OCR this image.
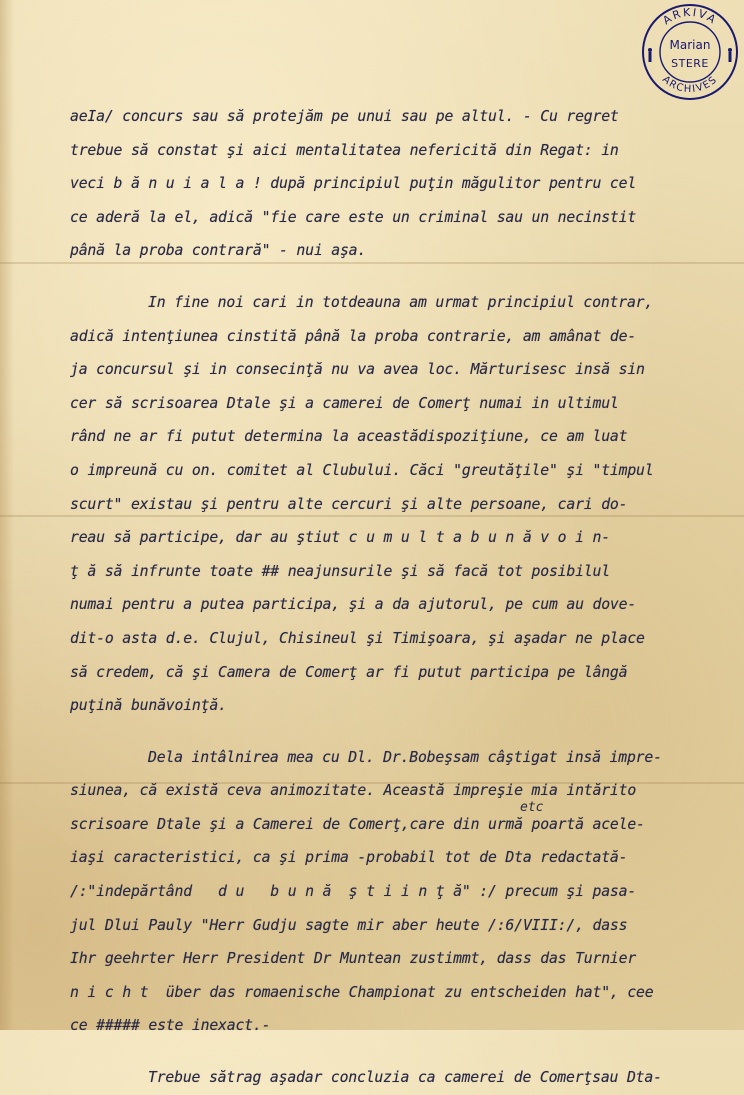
ARKIVA
ARCHIVES
Marian
STERE
aeIa/ concurs sau să protejăm pe unui sau pe altul. - Cu regret
trebue să constat şi aici mentalitatea nefericită din Regat: in
veci b ă n u i a l a ! după principiul puţin măgulitor pentru cel
ce aderă la el, adică "fie care este un criminal sau un necinstit
până la proba contrară" - nui aşa.
In fine noi cari in totdeauna am urmat principiul contrar,
adică intenţiunea cinstită până la proba contrarie, am amânat de-
ja concursul şi in consecinţă nu va avea loc. Mărturisesc insă sin
cer să scrisoarea Dtale şi a camerei de Comerţ numai in ultimul
rând ne ar fi putut determina la aceastădispoziţiune, ce am luat
o impreună cu on. comitet al Clubului. Căci "greutăţile" şi "timpul
scurt" existau şi pentru alte cercuri şi alte persoane, cari do-
reau să participe, dar au ştiut c u m u l t a b u n ă v o i n-
ţ ă să infrunte toate ## neajunsurile şi să facă tot posibilul
numai pentru a putea participa, şi a da ajutorul, pe cum au dove-
dit-o asta d.e. Clujul, Chisineul şi Timişoara, şi aşadar ne place
să credem, că şi Camera de Comerţ ar fi putut participa pe lângă
puţină bunăvoinţă.
Dela intâlnirea mea cu Dl. Dr.Bobeşsam câştigat insă impre-
siunea, că există ceva animozitate. Această impreşie mia intărito
scrisoare Dtale şi a Camerei de Comerţ,care din urmă poartă acele-
iaşi caracteristici, ca şi prima -probabil tot de Dta redactată-
/:"indepărtând   d u   b u n ă  ş t i i n ţ ă" :/ precum şi pasa-
jul Dlui Pauly "Herr Gudju sagte mir aber heute /:6/VIII:/, dass
Ihr geehrter Herr President Dr Muntean zustimmt, dass das Turnier
n i c h t  über das romaenische Championat zu entscheiden hat", cee
ce ##### este inexact.-
Trebue sătrag aşadar concluzia ca camerei de Comerţsau Dta-
etc
